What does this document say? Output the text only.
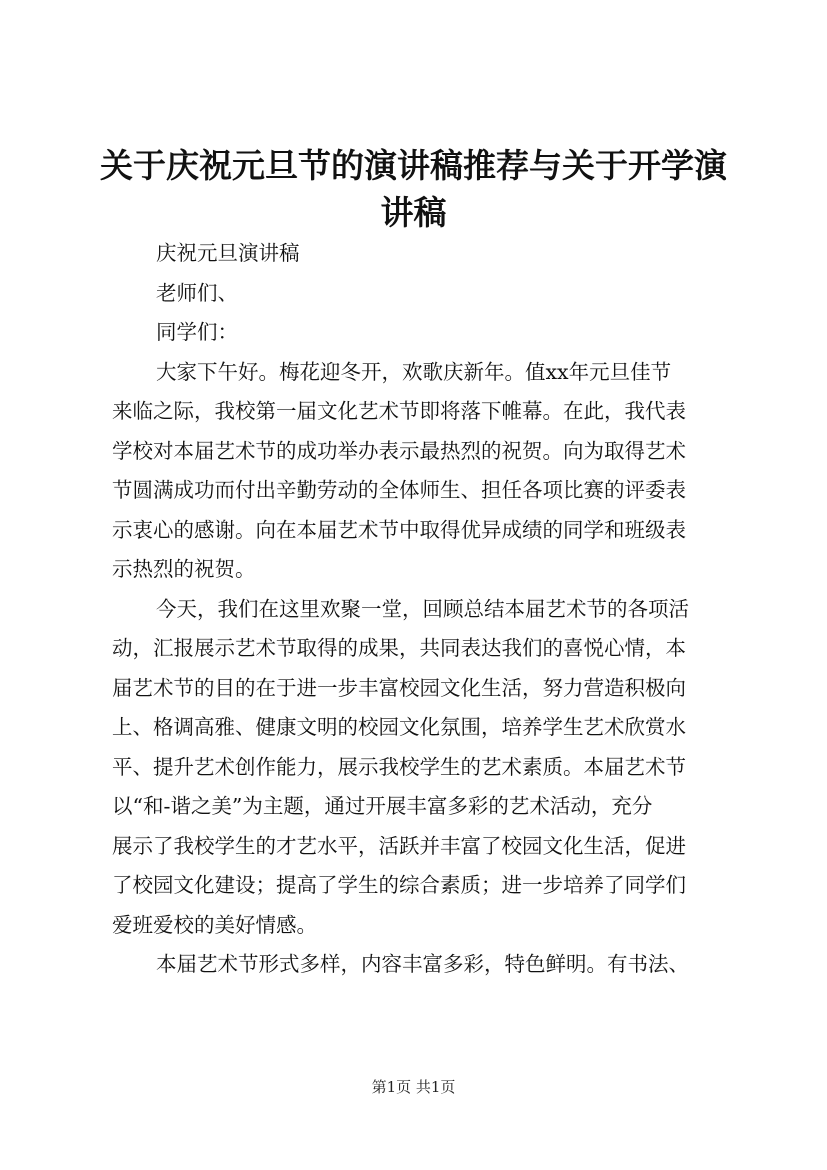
关于庆祝元旦节的演讲稿推荐与关于开学演讲稿
庆祝元旦演讲稿
老师们、
同学们：
大家下午好。梅花迎冬开，欢歌庆新年。值xx年元旦佳节
来临之际，我校第一届文化艺术节即将落下帷幕。在此，我代表
学校对本届艺术节的成功举办表示最热烈的祝贺。向为取得艺术
节圆满成功而付出辛勤劳动的全体师生、担任各项比赛的评委表
示衷心的感谢。向在本届艺术节中取得优异成绩的同学和班级表
示热烈的祝贺。
今天，我们在这里欢聚一堂，回顾总结本届艺术节的各项活
动，汇报展示艺术节取得的成果，共同表达我们的喜悦心情，本
届艺术节的目的在于进一步丰富校园文化生活，努力营造积极向
上、格调高雅、健康文明的校园文化氛围，培养学生艺术欣赏水
平、提升艺术创作能力，展示我校学生的艺术素质。本届艺术节
以“和-谐之美”为主题，通过开展丰富多彩的艺术活动，充分
展示了我校学生的才艺水平，活跃并丰富了校园文化生活，促进
了校园文化建设；提高了学生的综合素质；进一步培养了同学们
爱班爱校的美好情感。
本届艺术节形式多样，内容丰富多彩，特色鲜明。有书法、
第1页 共1页
